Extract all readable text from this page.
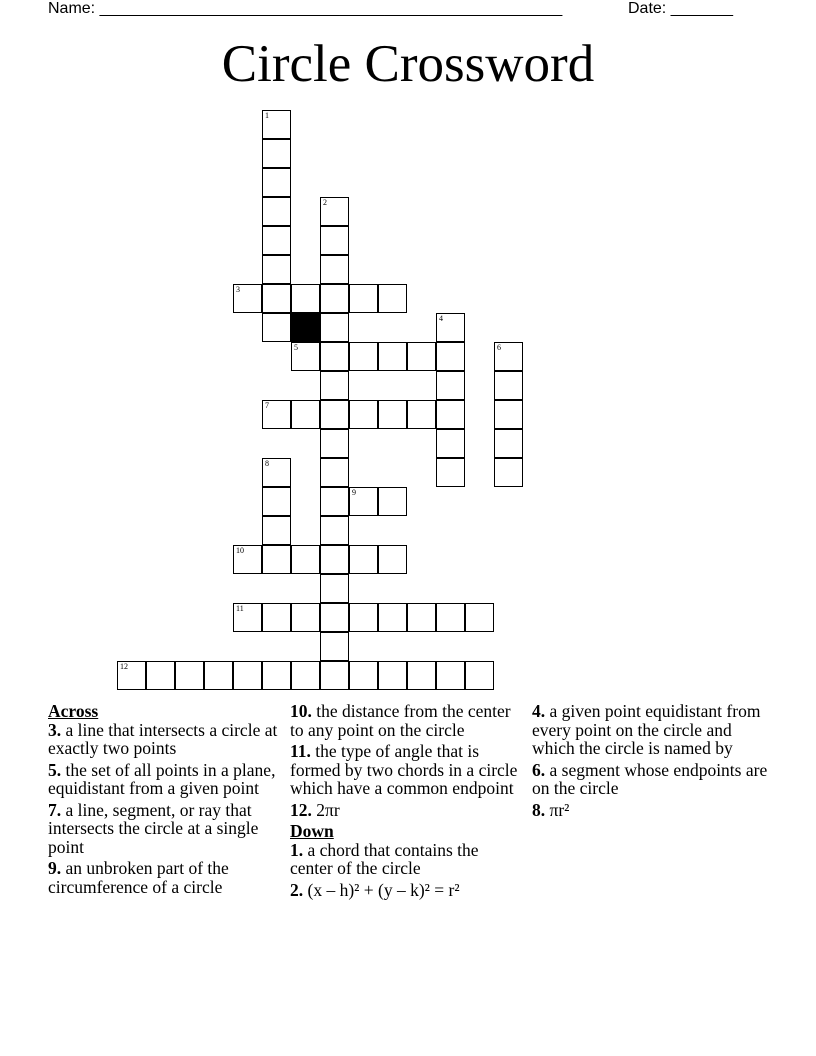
Name: ____________________________________________________	Date: _______
Circle Crossword
1
2
3
4
5	6
7
8
9
10
11
12

Across

3. a line that intersects a circle at exactly two points

5. the set of all points in a plane, equidistant from a given point

7. a line, segment, or ray that intersects the circle at a single point

9. an unbroken part of the circumference of a circle

10. the distance from the center to any point on the circle

11. the type of angle that is formed by two chords in a circle which have a common endpoint

12. 2πr

Down

1. a chord that contains the center of the circle

2. (x – h)² + (y – k)² = r²

4. a given point equidistant from every point on the circle and which the circle is named by

6. a segment whose endpoints are on the circle

8. πr²
